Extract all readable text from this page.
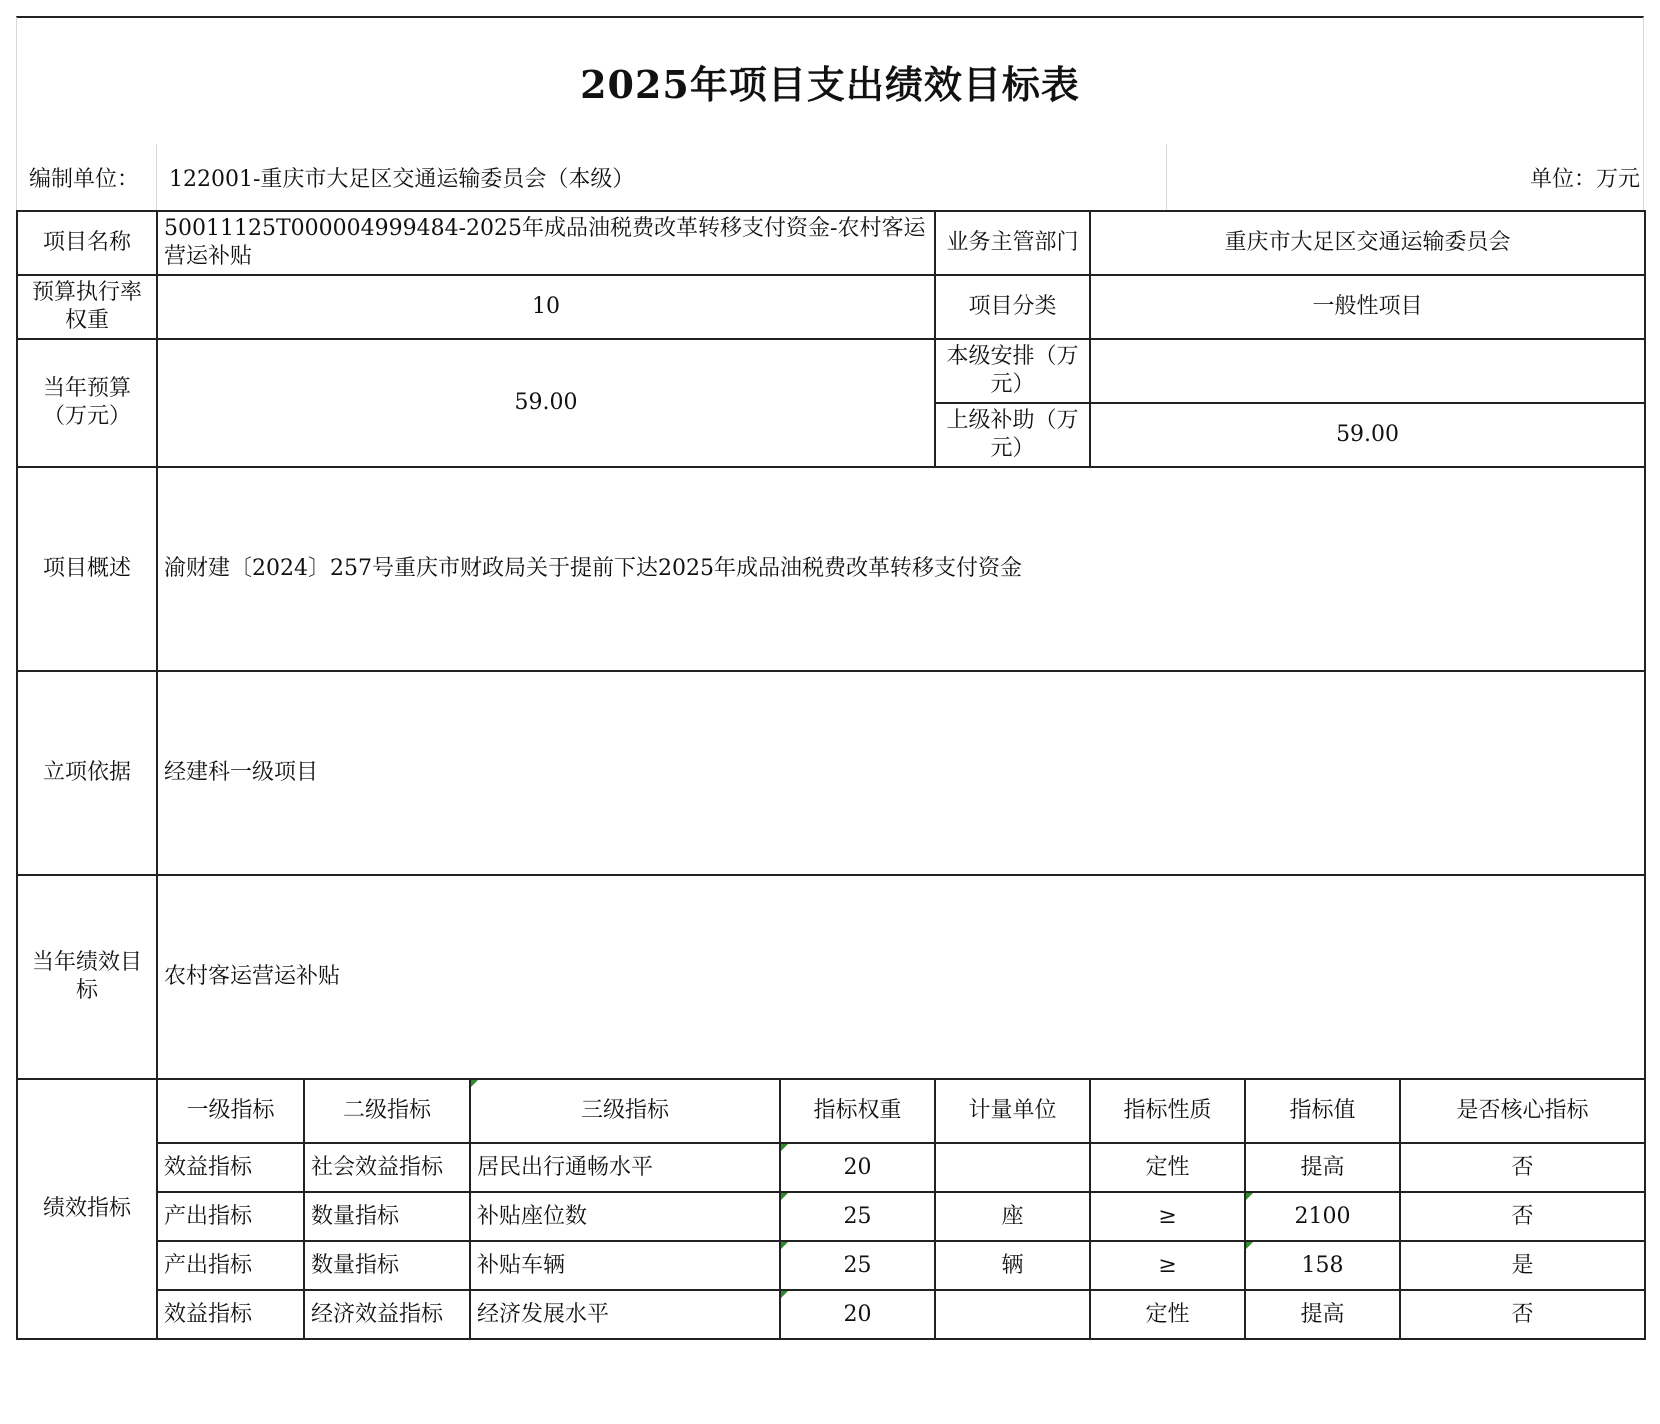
2025年项目支出绩效目标表
编制单位：	122001-重庆市大足区交通运输委员会（本级）	单位：万元
项目名称	50011125T000004999484-2025年成品油税费改革转移支付资金-农村客运营运补贴				业务主管部门	重庆市大足区交通运输委员会		
预算执行率权重	10				项目分类	一般性项目		
当年预算（万元）	59.00				本级安排（万元）			
					上级补助（万元）	59.00		
项目概述	渝财建〔2024〕257号重庆市财政局关于提前下达2025年成品油税费改革转移支付资金							
立项依据	经建科一级项目							
当年绩效目标	农村客运营运补贴							
绩效指标	一级指标	二级指标	三级指标	指标权重	计量单位	指标性质	指标值	是否核心指标
	效益指标	社会效益指标	居民出行通畅水平	20		定性	提高	否
	产出指标	数量指标	补贴座位数	25	座	≥	2100	否
	产出指标	数量指标	补贴车辆	25	辆	≥	158	是
	效益指标	经济效益指标	经济发展水平	20		定性	提高	否
